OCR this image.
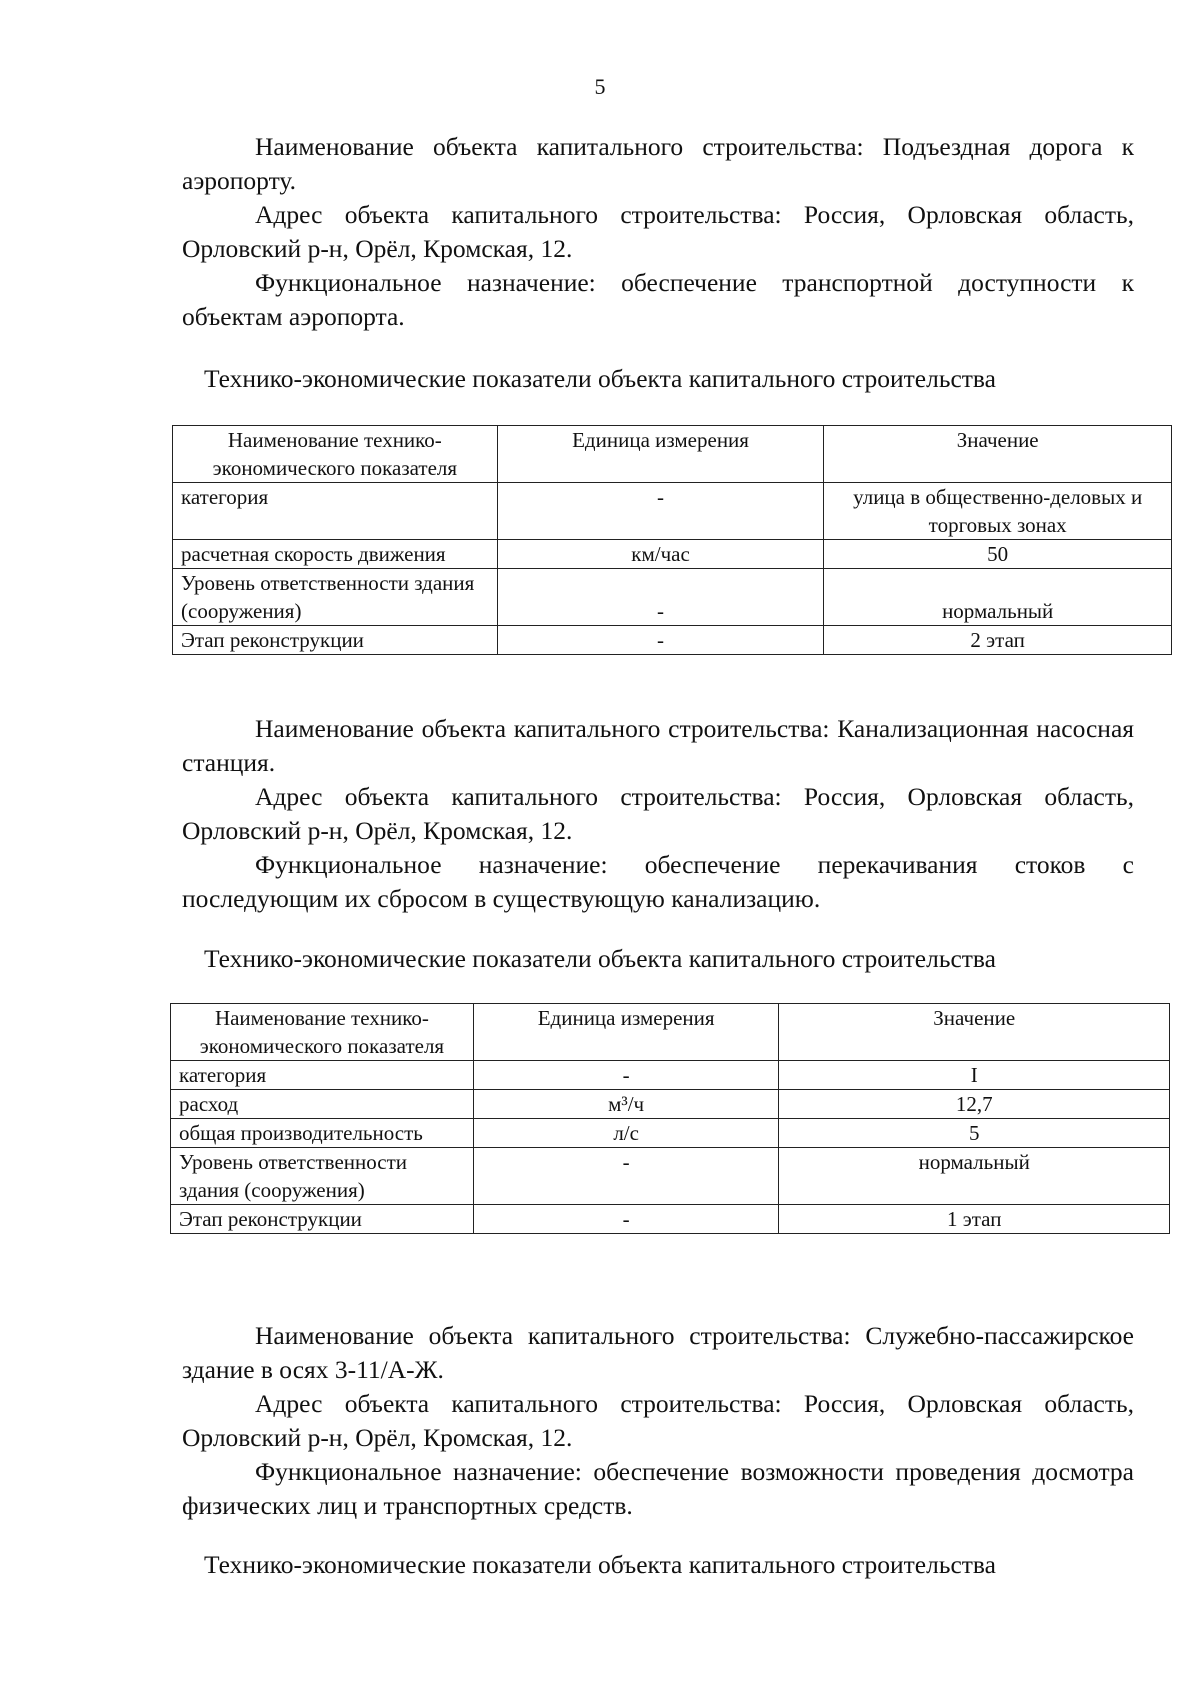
5

Наименование объекта капитального строительства: Подъездная дорога к аэропорту.

Адрес объекта капитального строительства: Россия, Орловская область, Орловский р-н, Орёл, Кромская, 12.

Функциональное назначение: обеспечение транспортной доступности к объектам аэропорта.

Технико-экономические показатели объекта капитального строительства
Наименование технико-экономического показателя	Единица измерения	Значение
категория	-	улица в общественно-деловых и торговых зонах
расчетная скорость движения	км/час	50
Уровень ответственности здания (сооружения)	-	нормальный
Этап реконструкции	-	2 этап

Наименование объекта капитального строительства: Канализационная насосная станция.

Адрес объекта капитального строительства: Россия, Орловская область, Орловский р-н, Орёл, Кромская, 12.

Функциональное назначение: обеспечение перекачивания стоков с последующим их сбросом в существующую канализацию.

Технико-экономические показатели объекта капитального строительства
Наименование технико-экономического показателя	Единица измерения	Значение
категория	-	I
расход	м³/ч	12,7
общая производительность	л/с	5
Уровень ответственности здания (сооружения)	-	нормальный
Этап реконструкции	-	1 этап

Наименование объекта капитального строительства: Служебно-пассажирское здание в осях 3-11/А-Ж.

Адрес объекта капитального строительства: Россия, Орловская область, Орловский р-н, Орёл, Кромская, 12.

Функциональное назначение: обеспечение возможности проведения досмотра физических лиц и транспортных средств.

Технико-экономические показатели объекта капитального строительства
